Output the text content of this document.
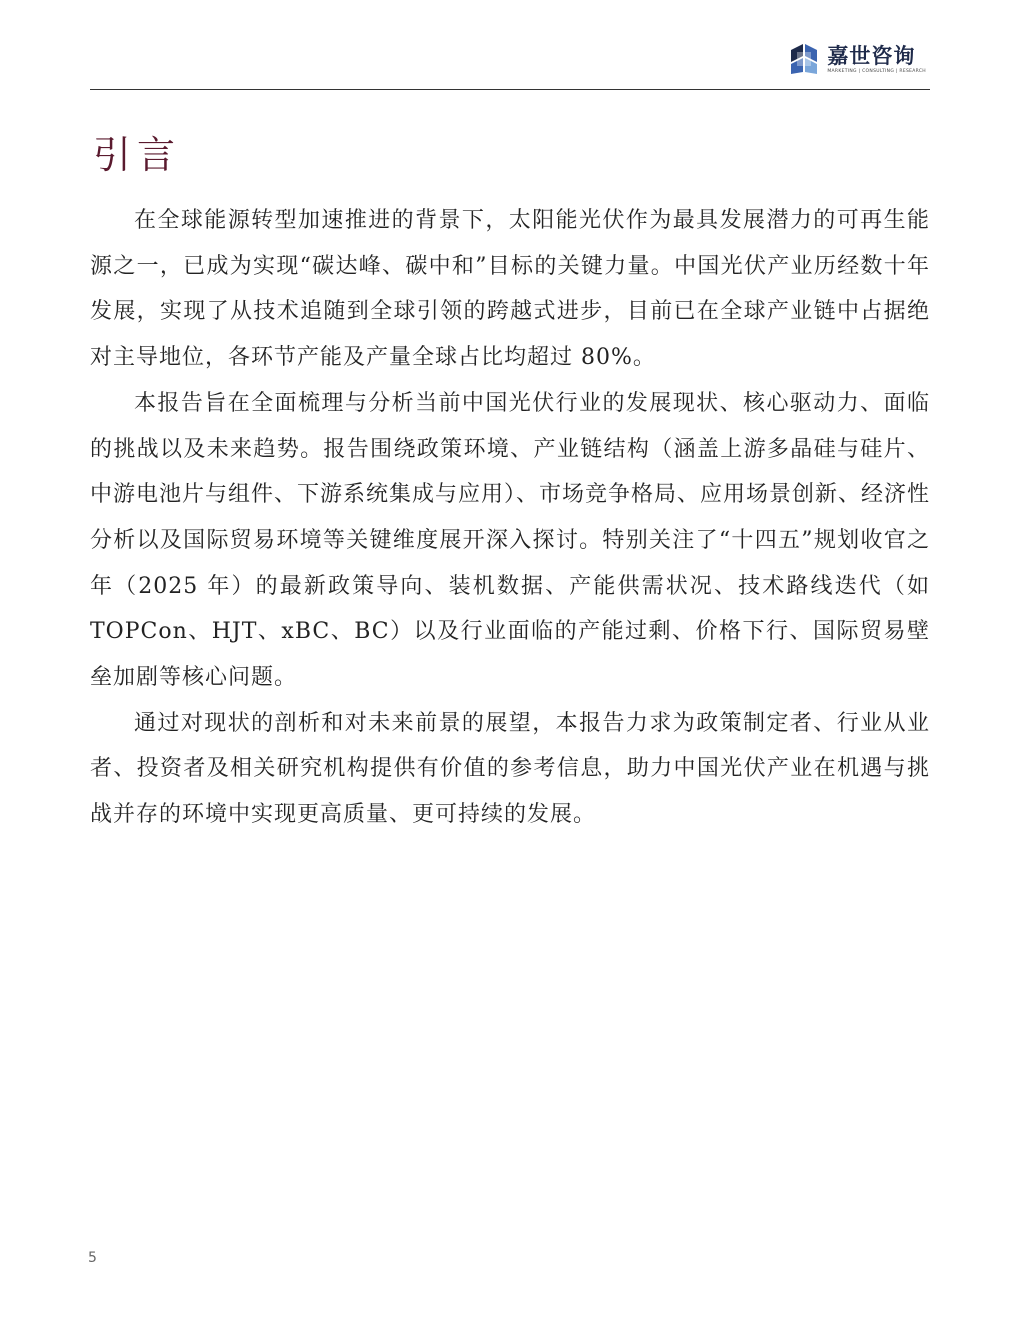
嘉世咨询
MARKETING | CONSULTING | RESEARCH
引言

在全球能源转型加速推进的背景下，太阳能光伏作为最具发展潜力的可再生能源之一，已成为实现“碳达峰、碳中和”目标的关键力量。中国光伏产业历经数十年发展，实现了从技术追随到全球引领的跨越式进步，目前已在全球产业链中占据绝对主导地位，各环节产能及产量全球占比均超过 80%。

本报告旨在全面梳理与分析当前中国光伏行业的发展现状、核心驱动力、面临的挑战以及未来趋势。报告围绕政策环境、产业链结构（涵盖上游多晶硅与硅片、中游电池片与组件、下游系统集成与应用）、市场竞争格局、应用场景创新、经济性分析以及国际贸易环境等关键维度展开深入探讨。特别关注了“十四五”规划收官之年（2025 年）的最新政策导向、装机数据、产能供需状况、技术路线迭代（如 TOPCon、HJT、xBC、BC）以及行业面临的产能过剩、价格下行、国际贸易壁垒加剧等核心问题。

通过对现状的剖析和对未来前景的展望，本报告力求为政策制定者、行业从业者、投资者及相关研究机构提供有价值的参考信息，助力中国光伏产业在机遇与挑战并存的环境中实现更高质量、更可持续的发展。

5
